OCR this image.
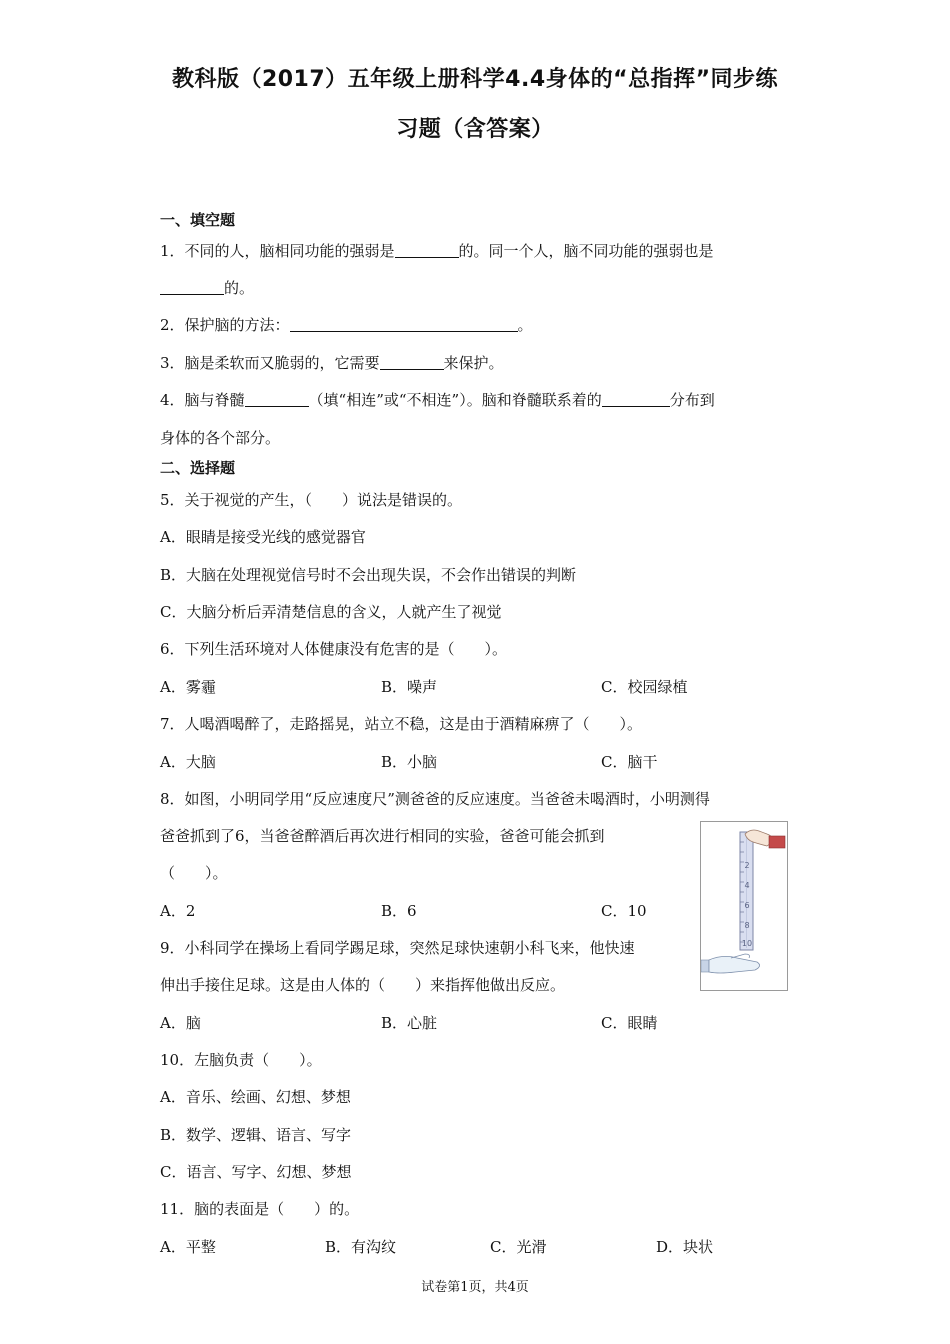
教科版（2017）五年级上册科学4.4身体的“总指挥”同步练
习题（含答案）
一、填空题
1．不同的人，脑相同功能的强弱是	的。同一个人，脑不同功能的强弱也是
的。
2．保护脑的方法：	。
3．脑是柔软而又脆弱的，它需要	来保护。
4．脑与脊髓	（填“相连”或“不相连”）。脑和脊髓联系着的	分布到
身体的各个部分。
二、选择题
5．关于视觉的产生，（　　）说法是错误的。
A．眼睛是接受光线的感觉器官
B．大脑在处理视觉信号时不会出现失误，不会作出错误的判断
C．大脑分析后弄清楚信息的含义，人就产生了视觉
6．下列生活环境对人体健康没有危害的是（　　）。
A．雾霾	B．噪声	C．校园绿植
7．人喝酒喝醉了，走路摇晃，站立不稳，这是由于酒精麻痹了（　　）。
A．大脑	B．小脑	C．脑干
8．如图，小明同学用“反应速度尺”测爸爸的反应速度。当爸爸未喝酒时，小明测得
爸爸抓到了6，当爸爸醉酒后再次进行相同的实验，爸爸可能会抓到
（　　）。
A．2	B．6	C．10
9．小科同学在操场上看同学踢足球，突然足球快速朝小科飞来，他快速
伸出手接住足球。这是由人体的（　　）来指挥他做出反应。
A．脑	B．心脏	C．眼睛
10．左脑负责（　　）。
A．音乐、绘画、幻想、梦想
B．数学、逻辑、语言、写字
C．语言、写字、幻想、梦想
11．脑的表面是（　　）的。
A．平整	B．有沟纹	C．光滑	D．块状
2
4
6
8
10
试卷第1页，共4页
